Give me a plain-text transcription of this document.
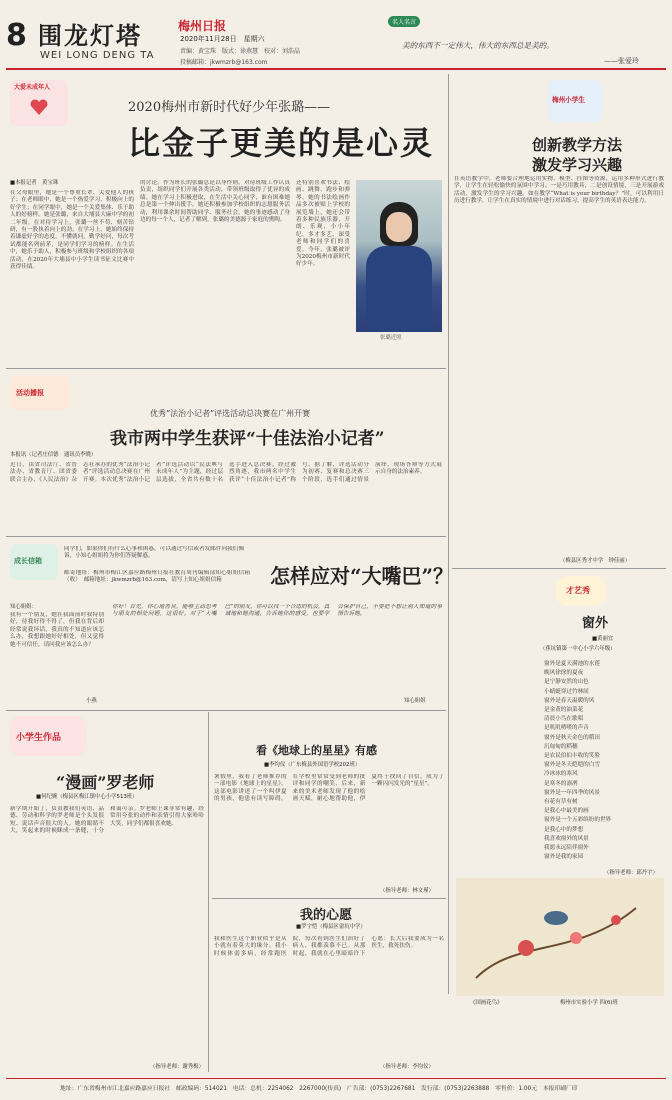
8 围龙灯塔
WEI LONG DENG TA
梅州日报
2020年11月28日　星期六
责编：黄宝珠　版式：徐燕慧　校对：刘浩晶
投稿邮箱：jkwmzrb@163.com
名人名言
美的东西不一定伟大，伟大的东西总是美的。
——张爱玲
大爱未成年人
2020梅州市新时代好少年张璐——
比金子更美的是心灵
■本报记者　黄宝珠
在父母眼里，她是一个尊重长辈、关爱他人的孩子；在老师眼中，她是一个热爱学习、积极向上的好学生；在同学眼中，她是一个关爱集体、乐于助人的好榜样。她是张璐，来自大埔县大麻中学的初二年级。在对待学习上，张璐一丝不苟、刻苦钻研，有一股执着向上的劲。在学习上，她始终保持着谦虚好学的态度，不懂就问，勤学好问，每次考试都能名列前茅，是同学们学习的榜样。在生活中，她乐于助人，积极参与班级和学校组织的各项活动，在2020年大埔县中小学生读书征文比赛中获得佳绩。
的讨论。作为班长的张璐总是以身作则，对待班级工作认真负责，组织同学们开展各类活动，带领班级取得了优异的成绩。她在学习上积极进取，在生活中关心同学，谁有困难她总是第一个伸出援手。她还积极参加学校组织的志愿服务活动，利用课余时间帮助同学、服务社会。她的事迹感动了身边的每一个人，记者了解到，张璐的美德源于家庭的熏陶。
还特别喜欢书法、绘画、跳舞、跑步和弹琴。她的书法绘画作品多次被贴上学校的展览墙上，她还会带着多种民族乐器，开朗、乐观，小小年纪，多才多艺，深受老师和同学们的喜爱。今年，张璐被评为2020梅州市新时代好少年。
张璐近照
梅州小学生
创新教学方法
激发学习兴趣
在英语教学中，老师要合理地运用实物、模型、挂图等资源，运用多种形式进行教学，让学生在轻松愉快的氛围中学习。一是巧用教具，二是创设情境，三是开展游戏活动，激发学生的学习兴趣。如在教学“What is your birthday？”时，可以利用日历进行教学，让学生在真实的情境中进行对话练习，提高学生的英语表达能力。
（梅县区秀才中学　钟佳丽）
活动播报
优秀“法治小记者”评选活动总决赛在广州开赛
我市两中学生获评“十佳法治小记者”
本报讯（记者庄信德　通讯员李晓）
近日，由省司法厅、省普法办、省教育厅、团省委联合主办、《人民法治》杂志社承办的优秀“法治小记者”评选活动总决赛在广州开赛。本次优秀“法治小记者”评选活动以“民法典与未成年人”为主题，经过层层选拔，全省共有数十名选手进入总决赛。经过激烈角逐，我市两名中学生获评“十佳法治小记者”称号。据了解，评选活动分为初赛、复赛和总决赛三个阶段，选手们通过情景演绎、现场答辩等方式展示自身的法治素养。
成长信箱
同学们，如果你们有什么心事和困惑，可以通过写信或者发邮件向我们倾诉，小知心姐姐将为你们答疑解惑。
邮寄地址：梅州市梅江区嘉应路梅州日报社教育周刊编辑部知心姐姐信箱（收）　邮箱地址：jkwmzrb@163.com，请写上知心姐姐信箱	怎样应对“大嘴巴”？
知心姐姐：
我有一个朋友，她在我面前时我特别好，待我好得不得了，但我在背后却经常说我坏话。我真的不知道应该怎么办，我想跟她好好相处，但又觉得她不可信任，请问我应该怎么办？
小燕
你好！首先，你心地善良，能够主动思考与朋友的相处问题，这很好。对于“大嘴巴”的朋友，你可以找一个合适的机会，真诚地和她沟通，告诉她你的感受，也要学会保护自己，不要把不想让别人知道的事情告诉她。
知心姐姐
才艺秀
窗外
■黄丽宜
（蕉坑镇第一中心小学六年级）
窗外是夏天满池的水莲
晚风徐徐的夏夜
是宁静安然的山色
小蜻蜓穿过竹林间
窗外是春天温暖的风
是金黄的油菜花
清晨小鸟在歌唱
是叽叽喳喳的声音
窗外是秋天金色的稻田
沉甸甸的稻穗
是农民伯伯丰收的笑脸
窗外是冬天皑皑的白雪
冷冰冰的寒风
是寒冬的凛冽
窗外是一年四季的风景
有花有草有树
是我心中最美的画
窗外是一个五彩缤纷的世界
是我心中的梦想
我喜欢窗外的风景
我愿永远陪伴窗外
窗外是我的家园
（指导老师：邱丹宇）
《国画花鸟》	梅州市实验小学 四(6)班
小学生作品
“漫画”罗老师
■何纪婉（梅县区梅江镇中心小学513班）
新学期开始了，负责教我们英语、品德、劳动和科学的罗老师是个头发很短、说话声音很大的人。她的眼睛不大，笑起来的时候眯成一条缝，十分和蔼可亲。罗老师上课非常有趣，经常用夸张的动作和表情引得大家哈哈大笑，同学们都很喜欢她。
（指导老师：谢秀梅）
看《地球上的星星》有感
■李均仪（广东梅县外国语学校202班）
暑假里，我看了老师推荐的一部电影《地球上的星星》。这部电影讲述了一个叫伊夏的男孩，他患有读写障碍，在学校里常常受到老师的批评和同学的嘲笑，后来，新来的美术老师发现了他的绘画天赋，耐心地帮助他，伊夏终于找回了自信，成为了一颗闪闪发光的“星星”。
（指导老师：林文瑾）
我的心愿
■罗宇恺（梅县区畲坑中学）
我和医生这个职业似乎是从小就有着莫大的缘分。我小时候体弱多病，经常跑医院，每次看到医生们治好了病人，我都羡慕不已。从那时起，我就在心里暗暗许下心愿：长大后我要成为一名医生，救死扶伤。
（指导老师：李均仪）
地址：广东省梅州市江北嘉应路嘉应日报社　邮政编码：514021　电话：总机：2254062　2267000(传真)　广告部：(0753)2267681　发行部：(0753)2263888　零售价：1.00元　本报印刷厂印
